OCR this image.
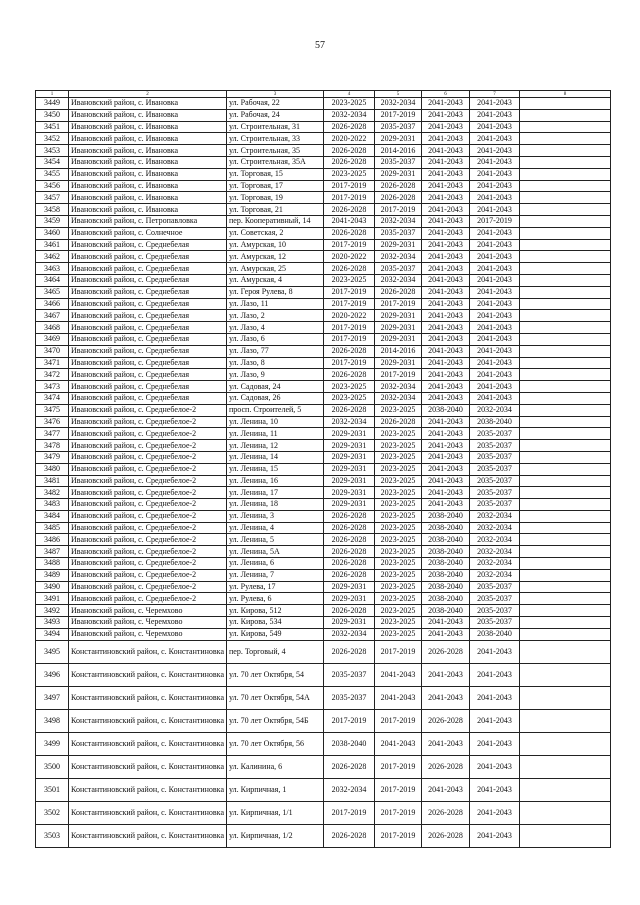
57
1	2	3	4	5	6	7	8
3449	Ивановский район, с. Ивановка	ул. Рабочая, 22	2023-2025	2032-2034	2041-2043	2041-2043	
3450	Ивановский район, с. Ивановка	ул. Рабочая, 24	2032-2034	2017-2019	2041-2043	2041-2043	
3451	Ивановский район, с. Ивановка	ул. Строительная, 31	2026-2028	2035-2037	2041-2043	2041-2043	
3452	Ивановский район, с. Ивановка	ул. Строительная, 33	2020-2022	2029-2031	2041-2043	2041-2043	
3453	Ивановский район, с. Ивановка	ул. Строительная, 35	2026-2028	2014-2016	2041-2043	2041-2043	
3454	Ивановский район, с. Ивановка	ул. Строительная, 35А	2026-2028	2035-2037	2041-2043	2041-2043	
3455	Ивановский район, с. Ивановка	ул. Торговая, 15	2023-2025	2029-2031	2041-2043	2041-2043	
3456	Ивановский район, с. Ивановка	ул. Торговая, 17	2017-2019	2026-2028	2041-2043	2041-2043	
3457	Ивановский район, с. Ивановка	ул. Торговая, 19	2017-2019	2026-2028	2041-2043	2041-2043	
3458	Ивановский район, с. Ивановка	ул. Торговая, 21	2026-2028	2017-2019	2041-2043	2041-2043	
3459	Ивановский район, с. Петропавловка	пер. Кооперативный, 14	2041-2043	2032-2034	2041-2043	2017-2019	
3460	Ивановский район, с. Солнечное	ул. Советская, 2	2026-2028	2035-2037	2041-2043	2041-2043	
3461	Ивановский район, с. Среднебелая	ул. Амурская, 10	2017-2019	2029-2031	2041-2043	2041-2043	
3462	Ивановский район, с. Среднебелая	ул. Амурская, 12	2020-2022	2032-2034	2041-2043	2041-2043	
3463	Ивановский район, с. Среднебелая	ул. Амурская, 25	2026-2028	2035-2037	2041-2043	2041-2043	
3464	Ивановский район, с. Среднебелая	ул. Амурская, 4	2023-2025	2032-2034	2041-2043	2041-2043	
3465	Ивановский район, с. Среднебелая	ул. Героя Рулева, 8	2017-2019	2026-2028	2041-2043	2041-2043	
3466	Ивановский район, с. Среднебелая	ул. Лазо, 11	2017-2019	2017-2019	2041-2043	2041-2043	
3467	Ивановский район, с. Среднебелая	ул. Лазо, 2	2020-2022	2029-2031	2041-2043	2041-2043	
3468	Ивановский район, с. Среднебелая	ул. Лазо, 4	2017-2019	2029-2031	2041-2043	2041-2043	
3469	Ивановский район, с. Среднебелая	ул. Лазо, 6	2017-2019	2029-2031	2041-2043	2041-2043	
3470	Ивановский район, с. Среднебелая	ул. Лазо, 77	2026-2028	2014-2016	2041-2043	2041-2043	
3471	Ивановский район, с. Среднебелая	ул. Лазо, 8	2017-2019	2029-2031	2041-2043	2041-2043	
3472	Ивановский район, с. Среднебелая	ул. Лазо, 9	2026-2028	2017-2019	2041-2043	2041-2043	
3473	Ивановский район, с. Среднебелая	ул. Садовая, 24	2023-2025	2032-2034	2041-2043	2041-2043	
3474	Ивановский район, с. Среднебелая	ул. Садовая, 26	2023-2025	2032-2034	2041-2043	2041-2043	
3475	Ивановский район, с. Среднебелое-2	просп. Строителей, 5	2026-2028	2023-2025	2038-2040	2032-2034	
3476	Ивановский район, с. Среднебелое-2	ул. Ленина, 10	2032-2034	2026-2028	2041-2043	2038-2040	
3477	Ивановский район, с. Среднебелое-2	ул. Ленина, 11	2029-2031	2023-2025	2041-2043	2035-2037	
3478	Ивановский район, с. Среднебелое-2	ул. Ленина, 12	2029-2031	2023-2025	2041-2043	2035-2037	
3479	Ивановский район, с. Среднебелое-2	ул. Ленина, 14	2029-2031	2023-2025	2041-2043	2035-2037	
3480	Ивановский район, с. Среднебелое-2	ул. Ленина, 15	2029-2031	2023-2025	2041-2043	2035-2037	
3481	Ивановский район, с. Среднебелое-2	ул. Ленина, 16	2029-2031	2023-2025	2041-2043	2035-2037	
3482	Ивановский район, с. Среднебелое-2	ул. Ленина, 17	2029-2031	2023-2025	2041-2043	2035-2037	
3483	Ивановский район, с. Среднебелое-2	ул. Ленина, 18	2029-2031	2023-2025	2041-2043	2035-2037	
3484	Ивановский район, с. Среднебелое-2	ул. Ленина, 3	2026-2028	2023-2025	2038-2040	2032-2034	
3485	Ивановский район, с. Среднебелое-2	ул. Ленина, 4	2026-2028	2023-2025	2038-2040	2032-2034	
3486	Ивановский район, с. Среднебелое-2	ул. Ленина, 5	2026-2028	2023-2025	2038-2040	2032-2034	
3487	Ивановский район, с. Среднебелое-2	ул. Ленина, 5А	2026-2028	2023-2025	2038-2040	2032-2034	
3488	Ивановский район, с. Среднебелое-2	ул. Ленина, 6	2026-2028	2023-2025	2038-2040	2032-2034	
3489	Ивановский район, с. Среднебелое-2	ул. Ленина, 7	2026-2028	2023-2025	2038-2040	2032-2034	
3490	Ивановский район, с. Среднебелое-2	ул. Рулева, 17	2029-2031	2023-2025	2038-2040	2035-2037	
3491	Ивановский район, с. Среднебелое-2	ул. Рулева, 6	2029-2031	2023-2025	2038-2040	2035-2037	
3492	Ивановский район, с. Черемхово	ул. Кирова, 512	2026-2028	2023-2025	2038-2040	2035-2037	
3493	Ивановский район, с. Черемхово	ул. Кирова, 534	2029-2031	2023-2025	2041-2043	2035-2037	
3494	Ивановский район, с. Черемхово	ул. Кирова, 549	2032-2034	2023-2025	2041-2043	2038-2040	
3495	Константиновский район, с. Константиновка	пер. Торговый, 4	2026-2028	2017-2019	2026-2028	2041-2043	
3496	Константиновский район, с. Константиновка	ул. 70 лет Октября, 54	2035-2037	2041-2043	2041-2043	2041-2043	
3497	Константиновский район, с. Константиновка	ул. 70 лет Октября, 54А	2035-2037	2041-2043	2041-2043	2041-2043	
3498	Константиновский район, с. Константиновка	ул. 70 лет Октября, 54Б	2017-2019	2017-2019	2026-2028	2041-2043	
3499	Константиновский район, с. Константиновка	ул. 70 лет Октября, 56	2038-2040	2041-2043	2041-2043	2041-2043	
3500	Константиновский район, с. Константиновка	ул. Калинина, 6	2026-2028	2017-2019	2026-2028	2041-2043	
3501	Константиновский район, с. Константиновка	ул. Кирпичная, 1	2032-2034	2017-2019	2041-2043	2041-2043	
3502	Константиновский район, с. Константиновка	ул. Кирпичная, 1/1	2017-2019	2017-2019	2026-2028	2041-2043	
3503	Константиновский район, с. Константиновка	ул. Кирпичная, 1/2	2026-2028	2017-2019	2026-2028	2041-2043	
